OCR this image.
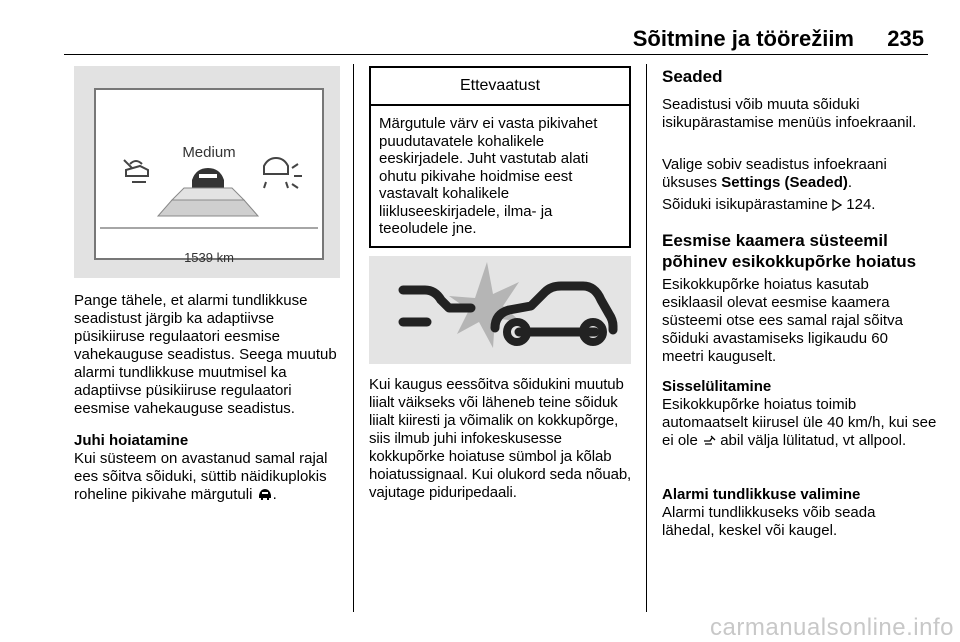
Sõitmine ja töörežiim 235
Medium
1539 km

Pange tähele, et alarmi tundlikkuse seadistust järgib ka adaptiivse püsikiiruse regulaatori eesmise vahekauguse seadistus. Seega muutub alarmi tundlikkuse muutmisel ka adaptiivse püsikiiruse regulaatori eesmise vahekauguse seadistus.

Juhi hoiatamine

Kui süsteem on avastanud samal rajal ees sõitva sõiduki, süttib näidikuplokis roheline pikivahe märgutuli .

Ettevaatust
Märgutule värv ei vasta pikivahet puudutavatele kohalikele eeskirjadele. Juht vastutab alati ohutu pikivahe hoidmise eest vastavalt kohalikele liikluseeskirjadele, ilma- ja teeoludele jne.

Kui kaugus eessõitva sõidukini muutub liialt väikseks või läheneb teine sõiduk liialt kiiresti ja võimalik on kokkupõrge, siis ilmub juhi infokeskusesse kokkupõrke hoiatuse sümbol ja kõlab hoiatussignaal. Kui olukord seda nõuab, vajutage piduripedaali.

Seaded

Seadistusi võib muuta sõiduki isikupärastamise menüüs infoekraanil.

Valige sobiv seadistus infoekraani üksuses Settings (Seaded).

Sõiduki isikupärastamine 124.

Eesmise kaamera süsteemil põhinev esikokkupõrke hoiatus

Esikokkupõrke hoiatus kasutab esiklaasil olevat eesmise kaamera süsteemi otse ees samal rajal sõitva sõiduki avastamiseks ligikaudu 60 meetri kauguselt.

Sisselülitamine

Esikokkupõrke hoiatus toimib automaatselt kiirusel üle 40 km/h, kui see ei ole abil välja lülitatud, vt allpool.

Alarmi tundlikkuse valimine

Alarmi tundlikkuseks võib seada lähedal, keskel või kaugel.

carmanualsonline.info
